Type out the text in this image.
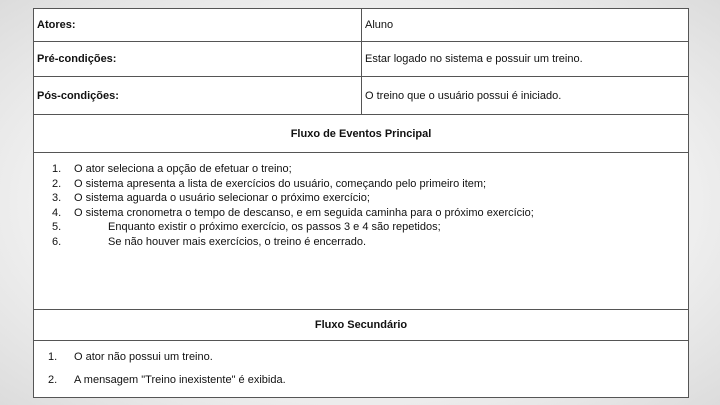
Atores:	Aluno
Pré-condições:	Estar logado no sistema e possuir um treino.
Pós-condições:	O treino que o usuário possui é iniciado.
Fluxo de Eventos Principal
1.	O ator seleciona a opção de efetuar o treino;
2.	O sistema apresenta a lista de exercícios do usuário, começando pelo primeiro item;
3.	O sistema aguarda o usuário selecionar o próximo exercício;
4.	O sistema cronometra o tempo de descanso, e em seguida caminha para o próximo exercício;
5.	Enquanto existir o próximo exercício, os passos 3 e 4 são repetidos;
6.	Se não houver mais exercícios, o treino é encerrado.
Fluxo Secundário
1. O ator não possui um treino.
2. A mensagem "Treino inexistente" é exibida.
